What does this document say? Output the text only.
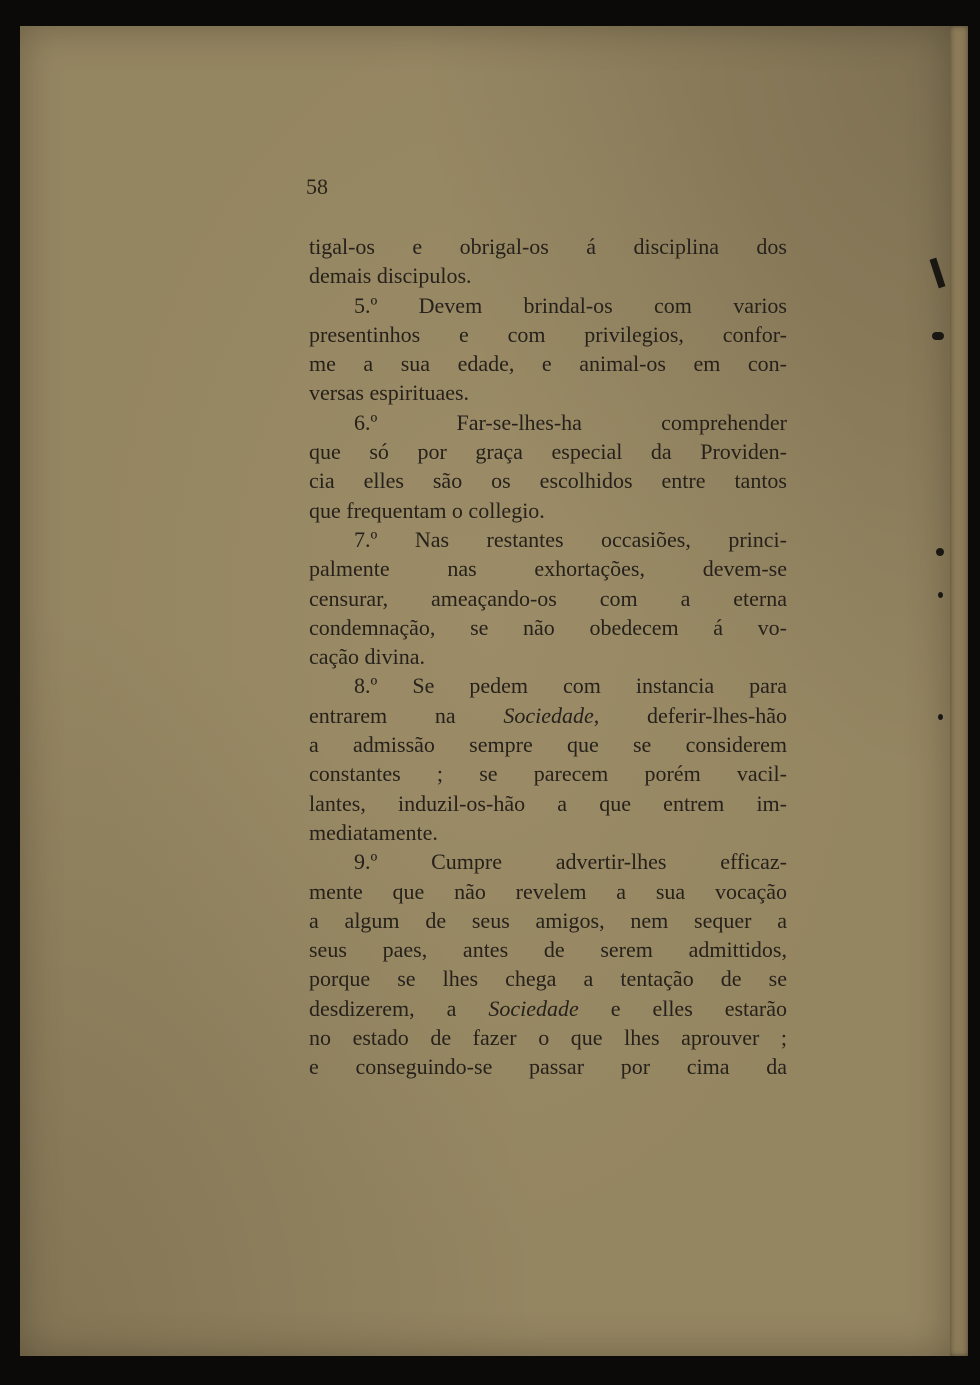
58
tigal-os e obrigal-os á disciplina dos
demais discipulos.
5.º Devem brindal-os com varios
presentinhos e com privilegios, confor-
me a sua edade, e animal-os em con-
versas espirituaes.
6.º Far-se-lhes-ha comprehender
que só por graça especial da Providen-
cia elles são os escolhidos entre tantos
que frequentam o collegio.
7.º Nas restantes occasiões, princi-
palmente nas exhortações, devem-se
censurar, ameaçando-os com a eterna
condemnação, se não obedecem á vo-
cação divina.
8.º Se pedem com instancia para
entrarem na Sociedade, deferir-lhes-hão
a admissão sempre que se considerem
constantes ; se parecem porém vacil-
lantes, induzil-os-hão a que entrem im-
mediatamente.
9.º Cumpre advertir-lhes efficaz-
mente que não revelem a sua vocação
a algum de seus amigos, nem sequer a
seus paes, antes de serem admittidos,
porque se lhes chega a tentação de se
desdizerem, a Sociedade e elles estarão
no estado de fazer o que lhes aprouver ;
e conseguindo-se passar por cima da
